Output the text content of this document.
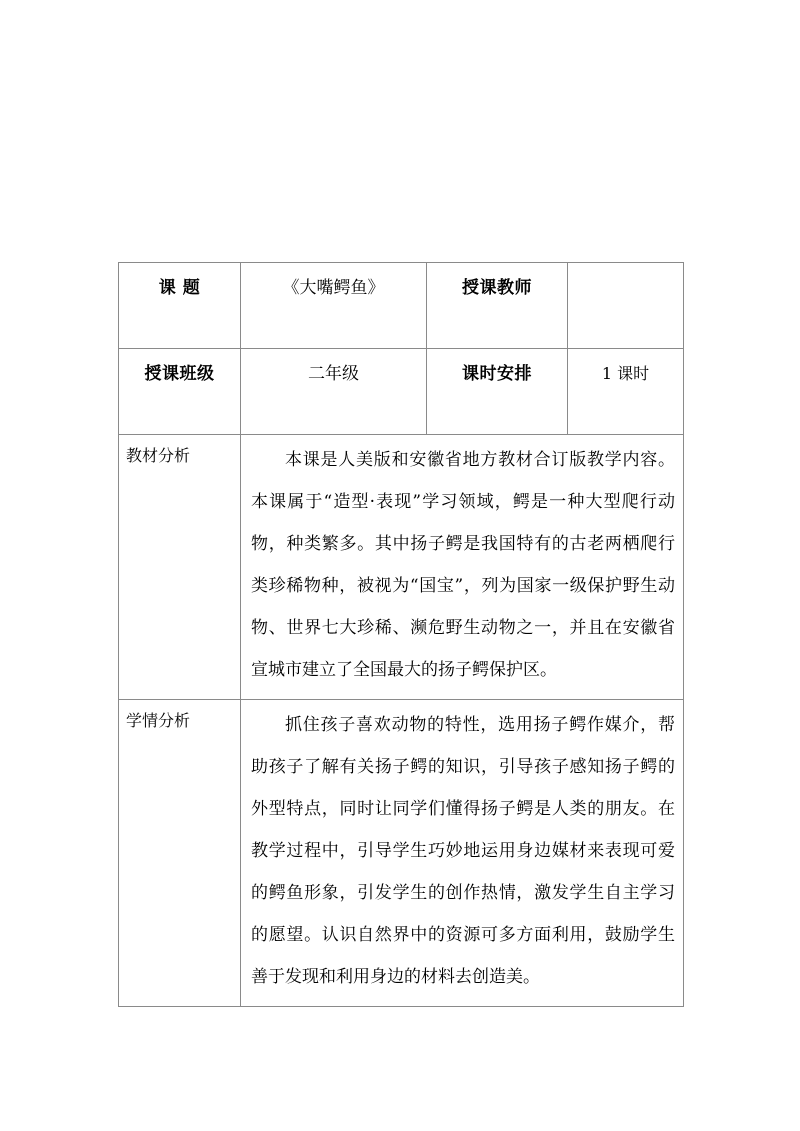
课 题	《大嘴鳄鱼》	授课教师	

授课班级	二年级	课时安排	1 课时

教材分析	本课是人美版和安徽省地方教材合订版教学内容。本课属于“造型·表现”学习领域，鳄是一种大型爬行动物，种类繁多。其中扬子鳄是我国特有的古老两栖爬行类珍稀物种，被视为“国宝”，列为国家一级保护野生动物、世界七大珍稀、濒危野生动物之一，并且在安徽省宣城市建立了全国最大的扬子鳄保护区。		

学情分析	抓住孩子喜欢动物的特性，选用扬子鳄作媒介，帮助孩子了解有关扬子鳄的知识，引导孩子感知扬子鳄的外型特点，同时让同学们懂得扬子鳄是人类的朋友。在教学过程中，引导学生巧妙地运用身边媒材来表现可爱的鳄鱼形象，引发学生的创作热情，激发学生自主学习的愿望。认识自然界中的资源可多方面利用，鼓励学生善于发现和利用身边的材料去创造美。		
